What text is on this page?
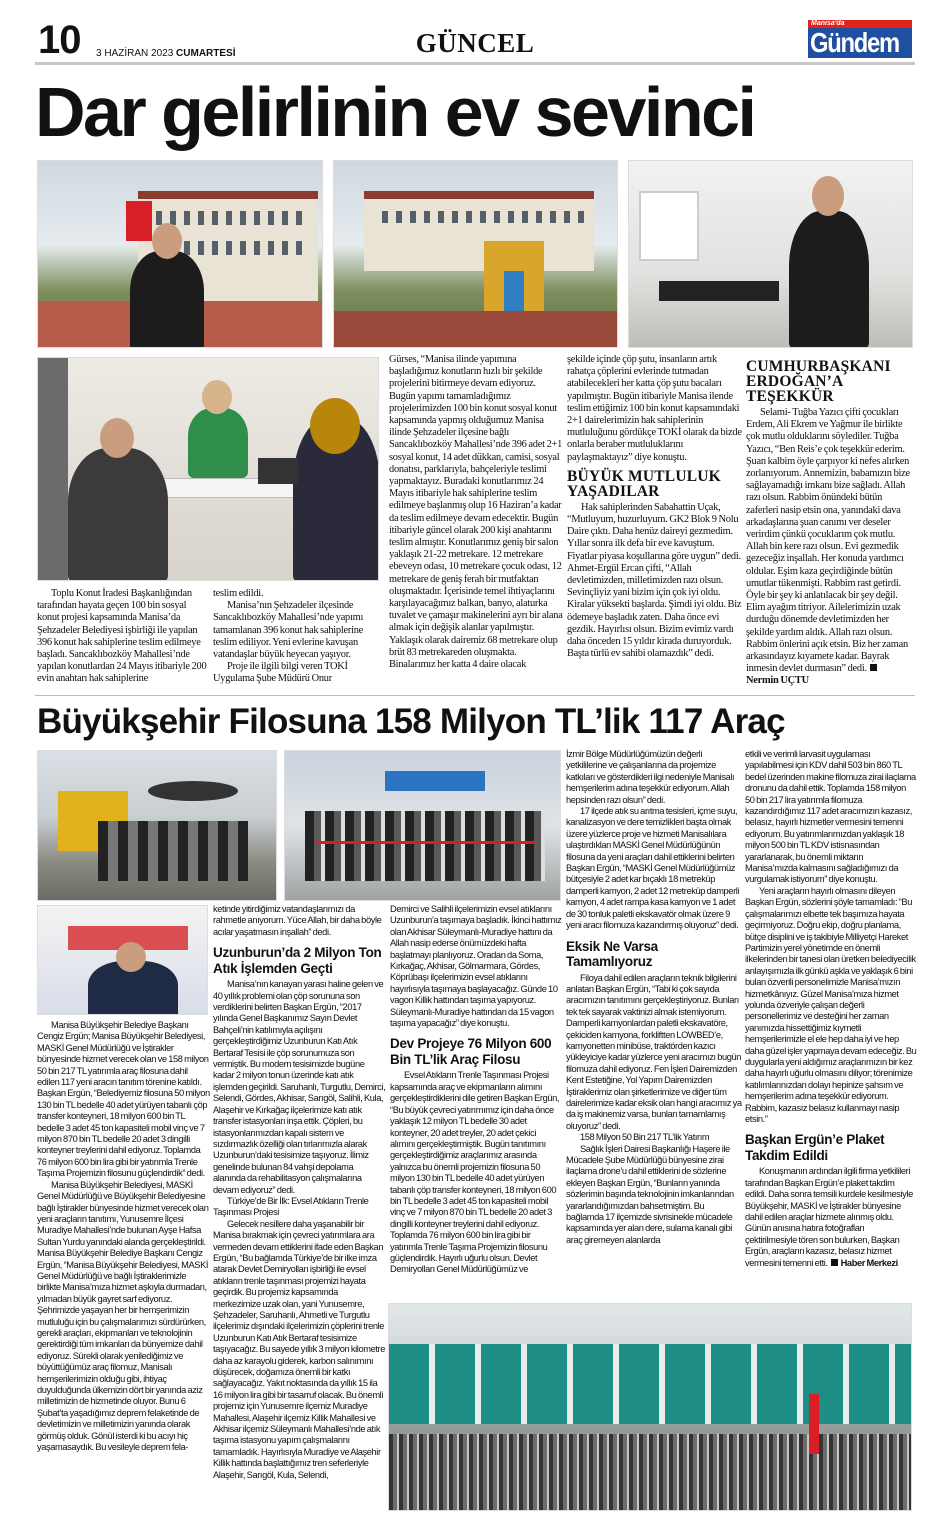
10 3 HAZİRAN 2023 CUMARTESİ	GÜNCEL
Manisa'da
Gündem
Dar gelirlinin ev sevinci

Toplu Konut İradesi Başkanlığından tarafından hayata geçen 100 bin sosyal konut projesi kapsamında Manisa’da Şehzadeler Belediyesi işbirliği ile yapılan 396 konut hak sahiplerine teslim edilmeye başladı. Sancaklıbozköy Mahallesi’nde yapılan konutlardan 24 Mayıs itibariyle 200 evin anahtarı hak sahiplerine

teslim edildi.

Manisa’nın Şehzadeler ilçesinde Sancaklıbozköy Mahallesi’nde yapımı tamamlanan 396 konut hak sahiplerine teslim ediliyor. Yeni evlerine kavuşan vatandaşlar büyük heyecan yaşıyor.

Proje ile ilgili bilgi veren TOKİ Uygulama Şube Müdürü Onur

Gürses, “Manisa ilinde yapımına başladığımız konutların hızlı bir şekilde projelerini bitirmeye devam ediyoruz. Bugün yapımı tamamladığımız projelerimizden 100 bin konut sosyal konut kapsamında yapmış olduğumuz Manisa ilinde Şehzadeler ilçesine bağlı Sancaklıbozköy Mahallesi’nde 396 adet 2+1 sosyal konut, 14 adet dükkan, camisi, sosyal donatısı, parklarıyla, bahçeleriyle teslimi yapmaktayız. Buradaki konutlarımız 24 Mayıs itibariyle hak sahiplerine teslim edilmeye başlanmış olup 16 Haziran’a kadar da teslim edilmeye devam edecektir. Bugün itibariyle güncel olarak 200 kişi anahtarını teslim almıştır. Konutlarımız geniş bir salon yaklaşık 21-22 metrekare. 12 metrekare ebeveyn odası, 10 metrekare çocuk odası, 12 metrekare de geniş ferah bir mutfaktan oluşmaktadır. İçerisinde temel ihtiyaçlarını karşılayacağımız balkan, banyo, alaturka tuvalet ve çamaşır makinelerini ayrı bir alana almak için değişik alanlar yapılmıştır. Yaklaşık olarak dairemiz 68 metrekare olup brüt 83 metrekareden oluşmakta. Binalarımız her katta 4 daire olacak

şekilde içinde çöp şutu, insanların artık rahatça çöplerini evlerinde tutmadan atabilecekleri her katta çöp şutu bacaları yapılmıştır. Bugün itibariyle Manisa ilende teslim ettiğimiz 100 bin konut kapsamındaki 2+1 dairelerimizin hak sahiplerinin mutluluğunu gördükçe TOKİ olarak da bizde onlarla beraber mutluluklarını paylaşmaktayız” diye konuştu.

BÜYÜK MUTLULUK YAŞADILAR

Hak sahiplerinden Sabahattin Uçak, “Mutluyum, huzurluyum. GK2 Blok 9 Nolu Daire çıktı. Daha henüz daireyi gezmedim. Yıllar sonra ilk defa bir eve kavuştum. Fiyatlar piyasa koşullarına göre uygun” dedi. Ahmet-Ergül Ercan çifti, “Allah devletimizden, milletimizden razı olsun. Sevinçliyiz yani bizim için çok iyi oldu. Kiralar yüksekti başlarda. Şimdi iyi oldu. Biz ödemeye başladık zaten. Daha önce evi gezdik. Hayırlısı olsun. Bizim evimiz vardı daha önceden 15 yıldır kirada duruyorduk. Başta türlü ev sahibi olamazdık” dedi.

CUMHURBAŞKANI ERDOĞAN’A TEŞEKKÜR

Selami- Tuğba Yazıcı çifti çocukları Erdem, Ali Ekrem ve Yağmur ile birlikte çok mutlu olduklarını söylediler. Tuğba Yazıcı, “Ben Reis’e çok teşekkür ederim. Şuan kalbim öyle çarpıyor ki nefes alırken zorlanıyorum. Annemizin, babamızın bize sağlayamadığı imkanı bize sağladı. Allah razı olsun. Rabbim önündeki bütün zaferleri nasip etsin ona, yanındaki dava arkadaşlarına şuan canımı ver deseler verirdim çünkü çocuklarım çok mutlu. Allah bin kere razı olsun. Evi gezmedik gezeceğiz inşallah. Her konuda yardımcı oldular. Eşim kaza geçirdiğinde bütün umutlar tükenmişti. Rabbim rast getirdi. Öyle bir şey ki anlatılacak bir şey değil. Elim ayağım titriyor. Ailelerimizin uzak durduğu dönemde devletimizden her şekilde yardım aldık. Allah razı olsun. Rabbim önlerini açık etsin. Biz her zaman arkasındayız kıyamete kadar. Bayrak inmesin devlet durmasın” dedi.

Nermin UÇTU
Büyükşehir Filosuna 158 Milyon TL’lik 117 Araç

Manisa Büyükşehir Belediye Başkanı Cengiz Ergün; Manisa Büyükşehir Belediyesi, MASKİ Genel Müdürlüğü ve İştirakler bünyesinde hizmet verecek olan ve 158 milyon 50 bin 217 TL yatırımla araç filosuna dahil edilen 117 yeni aracın tanıtım törenine katıldı. Başkan Ergün, “Belediyemiz filosuna 50 milyon 130 bin TL bedelle 40 adet yürüyen tabanlı çöp transfer konteyneri, 18 milyon 600 bin TL bedelle 3 adet 45 ton kapasiteli mobil vinç ve 7 milyon 870 bin TL bedelle 20 adet 3 dingilli konteyner treylerini dahil ediyoruz. Toplamda 76 milyon 600 bin lira gibi bir yatırımla Trenle Taşıma Projemizin filosunu güçlendirdik” dedi.

Manisa Büyükşehir Belediyesi, MASKİ Genel Müdürlüğü ve Büyükşehir Belediyesine bağlı İştirakler bünyesinde hizmet verecek olan yeni araçların tanıtımı, Yunusemre İlçesi Muradiye Mahallesi’nde bulunan Ayşe Hafsa Sultan Yurdu yanındaki alanda gerçekleştirildi. Manisa Büyükşehir Belediye Başkanı Cengiz Ergün, “Manisa Büyükşehir Belediyesi, MASKİ Genel Müdürlüğü ve bağlı İştiraklerimizle birlikte Manisa’mıza hizmet aşkıyla durmadan, yılmadan büyük gayret sarf ediyoruz. Şehrimizde yaşayan her bir hemşerimizin mutluluğu için bu çalışmalarımızı sürdürürken, gerekli araçları, ekipmanları ve teknolojinin gerektirdiği tüm imkanları da bünyemize dahil ediyoruz. Sürekli olarak yenilediğimiz ve büyüttüğümüz araç filomuz, Manisalı hemşerilerimizin olduğu gibi, ihtiyaç duyulduğunda ülkemizin dört bir yanında aziz milletimizin de hizmetinde oluyor. Bunu 6 Şubat’ta yaşadığımız deprem felaketinde de devletimizin ve milletimizin yanında olarak görmüş olduk. Gönül isterdi ki bu acıyı hiç yaşamasaydık. Bu vesileyle deprem fela-

ketinde yitirdiğimiz vatandaşlarımızı da rahmetle anıyorum. Yüce Allah, bir daha böyle acılar yaşatmasın inşallah” dedi.

Uzunburun’da 2 Milyon Ton Atık İşlemden Geçti

Manisa’nın kanayan yarası haline gelen ve 40 yıllık problemi olan çöp sorununa son verdiklerini belirten Başkan Ergün, “2017 yılında Genel Başkanımız Sayın Devlet Bahçeli’nin katılımıyla açılışını gerçekleştirdiğimiz Uzunburun Katı Atık Bertaraf Tesisi ile çöp sorunumuza son vermiştik. Bu modern tesisimizde bugüne kadar 2 milyon tonun üzerinde katı atık işlemden geçirildi. Saruhanlı, Turgutlu, Demirci, Selendi, Gördes, Akhisar, Sarıgöl, Salihli, Kula, Alaşehir ve Kırkağaç ilçelerimize katı atık transfer istasyonları inşa ettik. Çöpleri, bu istasyonlarımızdan kapalı sistem ve sızdırmazlık özelliği olan tırlarımızla alarak Uzunburun’daki tesisimize taşıyoruz. İlimiz genelinde bulunan 84 vahşi depolama alanında da rehabilitasyon çalışmalarına devam ediyoruz” dedi.

Türkiye’de Bir İlk: Evsel Atıkların Trenle Taşınması Projesi

Gelecek nesillere daha yaşanabilir bir Manisa bırakmak için çevreci yatırımlara ara vermeden devam ettiklerini ifade eden Başkan Ergün, “Bu bağlamda Türkiye’de bir ilke imza atarak Devlet Demiryolları işbirliği ile evsel atıkların trenle taşınması projemizi hayata geçirdik. Bu projemiz kapsamında merkezimize uzak olan, yani Yunusemre, Şehzadeler, Saruhanlı, Ahmetli ve Turgutlu ilçelerimiz dışındaki ilçelerimizin çöplerini trenle Uzunburun Katı Atık Bertaraf tesisimize taşıyacağız. Bu sayede yıllık 3 milyon kilometre daha az karayolu giderek, karbon salınımını düşürecek, doğamıza önemli bir katkı sağlayacağız. Yakıt noktasında da yıllık 15 ila 16 milyon lira gibi bir tasarruf olacak. Bu önemli projemiz için Yunusemre ilçemiz Muradiye Mahallesi, Alaşehir ilçemiz Killik Mahallesi ve Akhisar ilçemiz Süleymanlı Mahallesi’nde atık taşıma istasyonu yapım çalışmalarını tamamladık. Hayırlısıyla Muradiye ve Alaşehir Killik hattında başlattığımız tren seferleriyle Alaşehir, Sarıgöl, Kula, Selendi,

Demirci ve Salihli ilçelerimizin evsel atıklarını Uzunburun’a taşımaya başladık. İkinci hattımız olan Akhisar Süleymanlı-Muradiye hattını da Allah nasip ederse önümüzdeki hafta başlatmayı planlıyoruz. Oradan da Soma, Kırkağaç, Akhisar, Gölmarmara, Gördes, Köprübaşı ilçelerimizin evsel atıklarını hayırlısıyla taşımaya başlayacağız. Günde 10 vagon Killik hattından taşıma yapıyoruz. Süleymanlı-Muradiye hattından da 15 vagon taşıma yapacağız” diye konuştu.

Dev Projeye 76 Milyon 600 Bin TL’lik Araç Filosu

Evsel Atıkların Trenle Taşınması Projesi kapsamında araç ve ekipmanların alımını gerçekleştirdiklerini dile getiren Başkan Ergün, “Bu büyük çevreci yatırımımız için daha önce yaklaşık 12 milyon TL bedelle 30 adet konteyner, 20 adet treyler, 20 adet çekici alımını gerçekleştirmiştik. Bugün tanıtımını gerçekleştirdiğimiz araçlarımız arasında yalnızca bu önemli projemizin filosuna 50 milyon 130 bin TL bedelle 40 adet yürüyen tabanlı çöp transfer konteyneri, 18 milyon 600 bin TL bedelle 3 adet 45 ton kapasiteli mobil vinç ve 7 milyon 870 bin TL bedelle 20 adet 3 dingilli konteyner treylerini dahil ediyoruz. Toplamda 76 milyon 600 bin lira gibi bir yatırımla Trenle Taşıma Projemizin filosunu güçlendirdik. Hayırlı uğurlu olsun. Devlet Demiryolları Genel Müdürlüğümüz ve

İzmir Bölge Müdürlüğümüzün değerli yetkililerine ve çalışanlarına da projemize katkıları ve gösterdikleri ilgi nedeniyle Manisalı hemşerilerim adına teşekkür ediyorum. Allah hepsinden razı olsun” dedi.

17 ilçede atık su arıtma tesisleri, içme suyu, kanalizasyon ve dere temizlikleri başta olmak üzere yüzlerce proje ve hizmeti Manisalılara ulaştırdıkları MASKİ Genel Müdürlüğünün filosuna da yeni araçları dahil ettiklerini belirten Başkan Ergün, “MASKİ Genel Müdürlüğümüz bütçesiyle 2 adet kar bıçaklı 18 metreküp damperli kamyon, 2 adet 12 metreküp damperli kamyon, 4 adet rampa kasa kamyon ve 1 adet de 30 tonluk paletli ekskavatör olmak üzere 9 yeni aracı filomuza kazandırmış oluyoruz” dedi.

Eksik Ne Varsa Tamamlıyoruz

Filoya dahil edilen araçların teknik bilgilerini anlatan Başkan Ergün, “Tabi ki çok sayıda aracımızın tanıtımını gerçekleştiriyoruz. Bunları tek tek sayarak vaktinizi almak istemiyorum. Damperli kamyonlardan paletli ekskavatöre, çekiciden kamyona, forkliftten LOWBED’e, kamyonetten minibüse, traktörden kazıcı yükleyiciye kadar yüzlerce yeni aracımızı bugün filomuza dahil ediyoruz. Fen İşleri Dairemizden Kent Estetiğine, Yol Yapım Dairemizden İştiraklerimiz olan şirketlerimize ve diğer tüm dairelerimize kadar eksik olan hangi aracımız ya da iş makinemiz varsa, bunları tamamlamış oluyoruz” dedi.

158 Milyon 50 Bin 217 TL’lik Yatırım

Sağlık İşleri Dairesi Başkanlığı Haşere ile Mücadele Şube Müdürlüğü bünyesine zirai ilaçlama drone’u dahil ettiklerini de sözlerine ekleyen Başkan Ergün, “Bunların yanında sözlerimin başında teknolojinin imkanlarından yararlandığımızdan bahsetmiştim. Bu bağlamda 17 ilçemizde sivrisinekle mücadele kapsamında yer alan dere, sulama kanalı gibi araç giremeyen alanlarda

etkili ve verimli larvasit uygulaması yapılabilmesi için KDV dahil 503 bin 860 TL bedel üzerinden makine filomuza zirai ilaçlama dronunu da dahil ettik. Toplamda 158 milyon 50 bin 217 lira yatırımla filomuza kazandırdığımız 117 adet aracımızın kazasız, belasız, hayırlı hizmetler vermesini temenni ediyorum. Bu yatırımlarımızdan yaklaşık 18 milyon 500 bin TL KDV istisnasından yararlanarak, bu önemli miktarın Manisa’mızda kalmasını sağladığımızı da vurgulamak istiyorum” diye konuştu.

Yeni araçların hayırlı olmasını dileyen Başkan Ergün, sözlerini şöyle tamamladı: “Bu çalışmalarımızı elbette tek başımıza hayata geçirmiyoruz. Doğru ekip, doğru planlama, bütçe disiplini ve iş takibiyle Milliyetçi Hareket Partimizin yerel yönetimde en önemli ilkelerinden bir tanesi olan üretken belediyecilik anlayışımızla ilk günkü aşkla ve yaklaşık 6 bini bulan özverili personelimizle Manisa’mızın hizmetkânıyız. Güzel Manisa’mıza hizmet yolunda özveriyle çalışan değerli personellerimiz ve desteğini her zaman yanımızda hissettiğimiz kıymetli hemşerilerimizle el ele hep daha iyi ve hep daha güzel işler yapmaya devam edeceğiz. Bu duygularla yeni aldığımız araçlarımızın bir kez daha hayırlı uğurlu olmasını diliyor; törenimize katılımlarınızdan dolayı hepinize şahsım ve hemşerilerim adına teşekkür ediyorum. Rabbim, kazasız belasız kullanmayı nasip etsin.”

Başkan Ergün’e Plaket Takdim Edildi

Konuşmanın ardından ilgili firma yetkilileri tarafından Başkan Ergün’e plaket takdim edildi. Daha sonra temsili kurdele kesilmesiyle Büyükşehir, MASKİ ve İştirakler bünyesine dahil edilen araçlar hizmete alınmış oldu. Günün anısına hatıra fotoğrafları çektirilmesiyle tören son bulurken, Başkan Ergün, araçların kazasız, belasız hizmet vermesini temenni etti. Haber Merkezi
